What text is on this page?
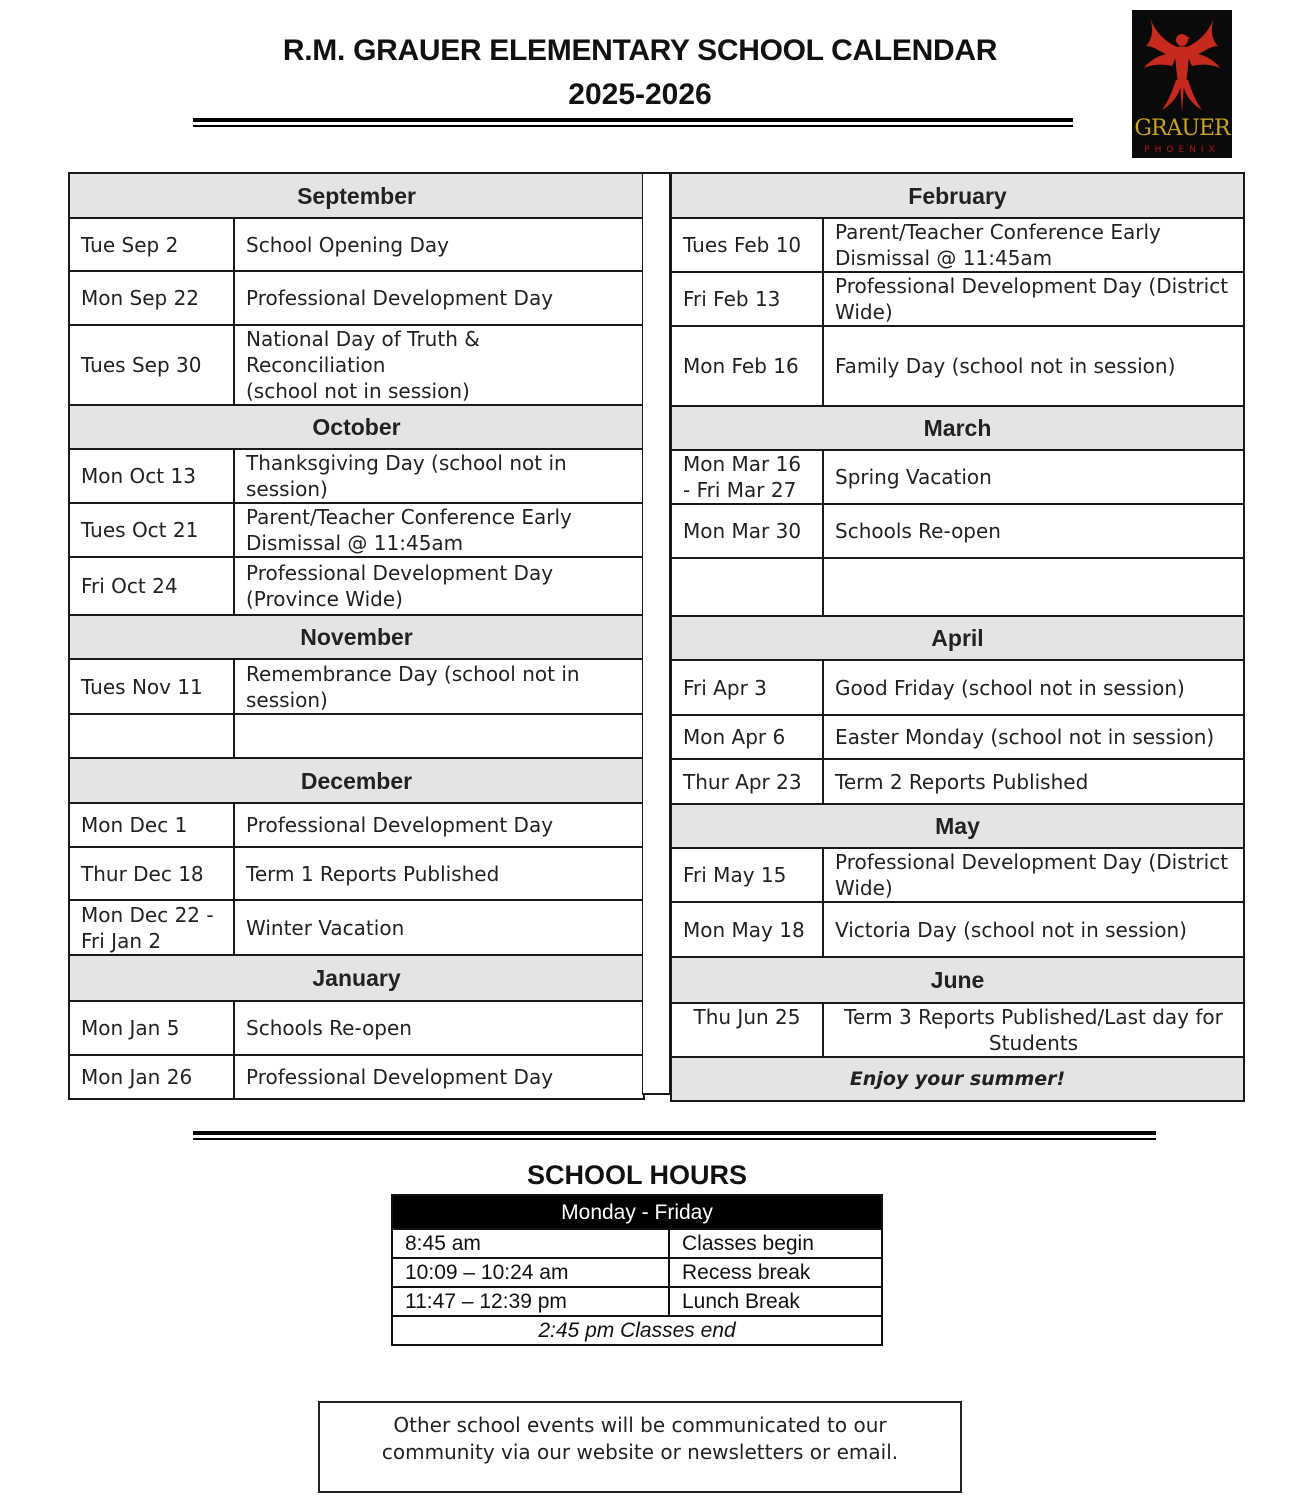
R.M. GRAUER ELEMENTARY SCHOOL CALENDAR
2025-2026
GRAUER
PHOENIX
September	
Tue Sep 2	School Opening Day
Mon Sep 22	Professional Development Day
Tues Sep 30	National Day of Truth &
Reconciliation
(school not in session)

October	
Mon Oct 13	Thanksgiving Day (school not in
session)

Tues Oct 21	Parent/Teacher Conference Early
Dismissal @ 11:45am

Fri Oct 24	Professional Development Day
(Province Wide)

November	
Tues Nov 11	Remembrance Day (school not in
session)

December	
Mon Dec 1	Professional Development Day
Thur Dec 18	Term 1 Reports Published

Mon Dec 22 -
Fri Jan 2	Winter Vacation
January	
Mon Jan 5	Schools Re-open
Mon Jan 26	Professional Development Day
February	
Tues Feb 10	Parent/Teacher Conference Early
Dismissal @ 11:45am

Fri Feb 13	Professional Development Day (District
Wide)

Mon Feb 16	Family Day (school not in session)
March	

Mon Mar 16
- Fri Mar 27	Spring Vacation
Mon Mar 30	Schools Re-open

April	
Fri Apr 3	Good Friday (school not in session)
Mon Apr 6	Easter Monday (school not in session)
Thur Apr 23	Term 2 Reports Published
May	
Fri May 15	Professional Development Day (District
Wide)

Mon May 18	Victoria Day (school not in session)
June	
Thu Jun 25	Term 3 Reports Published/Last day for
Students

Enjoy your summer!	
SCHOOL HOURS
Monday - Friday	
8:45 am	Classes begin
10:09 – 10:24 am	Recess break
11:47 – 12:39 pm	Lunch Break
2:45 pm Classes end	
Other school events will be communicated to our
community via our website or newsletters or email.
